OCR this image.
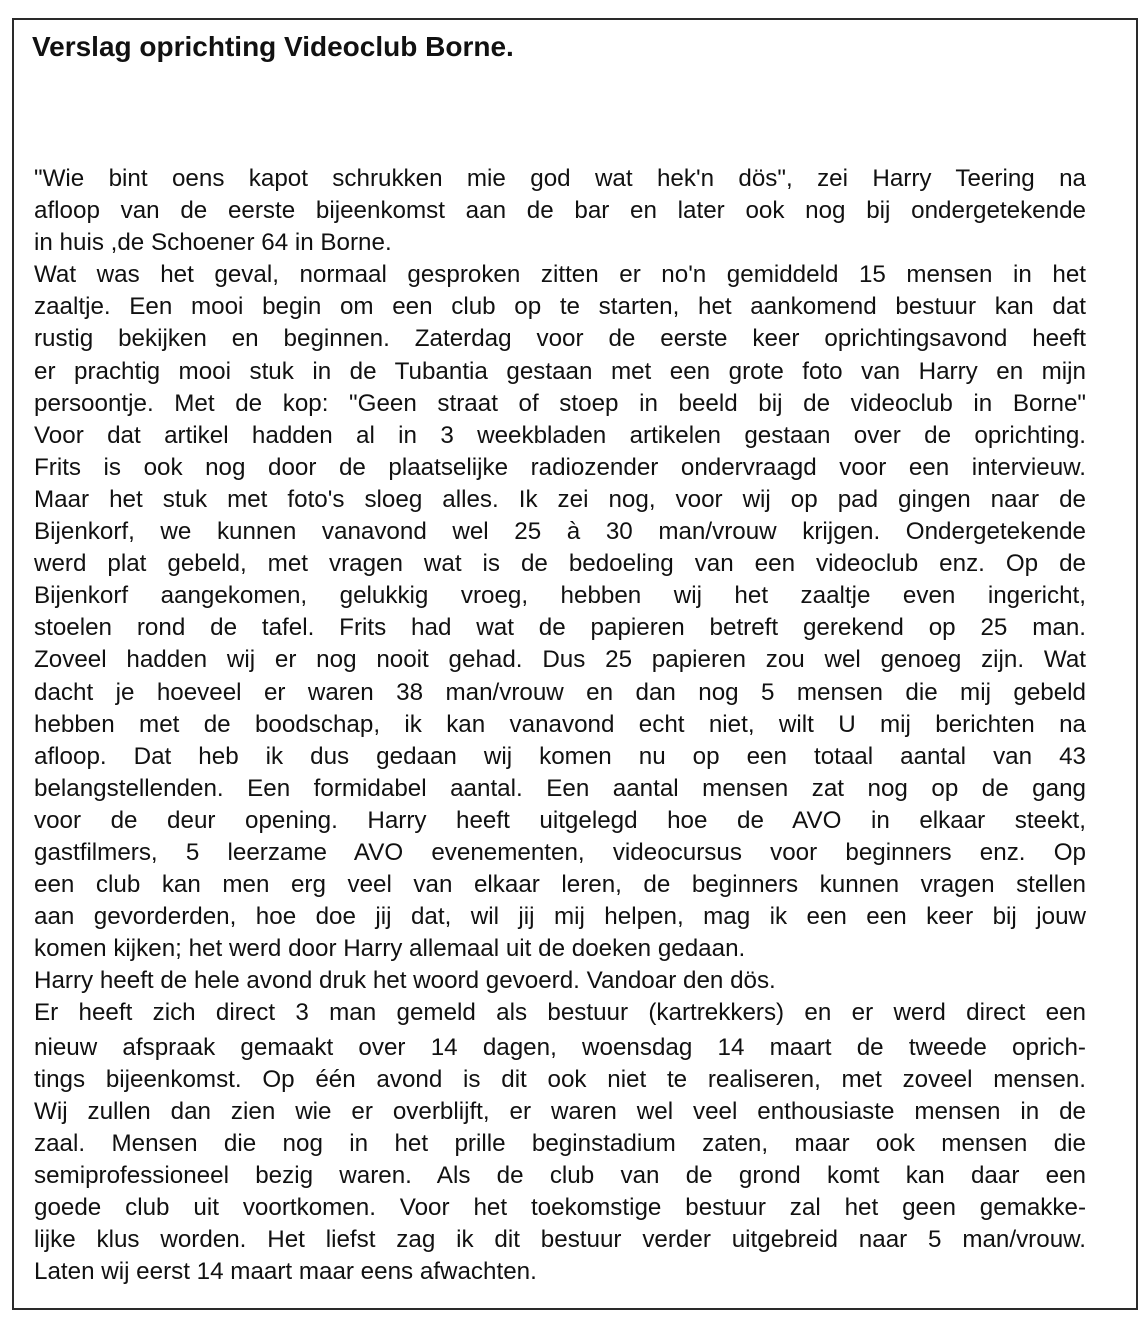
Verslag oprichting Videoclub Borne.
"Wie bint oens kapot schrukken mie god wat hek'n dös", zei Harry Teering na
afloop van de eerste bijeenkomst aan de bar en later ook nog bij ondergetekende
in huis ,de Schoener 64 in Borne.
Wat was het geval, normaal gesproken zitten er no'n gemiddeld 15 mensen in het
zaaltje. Een mooi begin om een club op te starten, het aankomend bestuur kan dat
rustig bekijken en beginnen. Zaterdag voor de eerste keer oprichtingsavond heeft
er prachtig mooi stuk in de Tubantia gestaan met een grote foto van Harry en mijn
persoontje. Met de kop: "Geen straat of stoep in beeld bij de videoclub in Borne"
Voor dat artikel hadden al in 3 weekbladen artikelen gestaan over de oprichting.
Frits is ook nog door de plaatselijke radiozender ondervraagd voor een intervieuw.
Maar het stuk met foto's sloeg alles. Ik zei nog, voor wij op pad gingen naar de
Bijenkorf, we kunnen vanavond wel 25 à 30 man/vrouw krijgen. Ondergetekende
werd plat gebeld, met vragen wat is de bedoeling van een videoclub enz. Op de
Bijenkorf aangekomen, gelukkig vroeg, hebben wij het zaaltje even ingericht,
stoelen rond de tafel. Frits had wat de papieren betreft gerekend op 25 man.
Zoveel hadden wij er nog nooit gehad. Dus 25 papieren zou wel genoeg zijn. Wat
dacht je hoeveel er waren 38 man/vrouw en dan nog 5 mensen die mij gebeld
hebben met de boodschap, ik kan vanavond echt niet, wilt U mij berichten na
afloop. Dat heb ik dus gedaan wij komen nu op een totaal aantal van 43
belangstellenden. Een formidabel aantal. Een aantal mensen zat nog op de gang
voor de deur opening. Harry heeft uitgelegd hoe de AVO in elkaar steekt,
gastfilmers, 5 leerzame AVO evenementen, videocursus voor beginners enz. Op
een club kan men erg veel van elkaar leren, de beginners kunnen vragen stellen
aan gevorderden, hoe doe jij dat, wil jij mij helpen, mag ik een een keer bij jouw
komen kijken; het werd door Harry allemaal uit de doeken gedaan.
Harry heeft de hele avond druk het woord gevoerd. Vandoar den dös.
Er heeft zich direct 3 man gemeld als bestuur (kartrekkers) en er werd direct een
nieuw afspraak gemaakt over 14 dagen, woensdag 14 maart de tweede oprich-
tings bijeenkomst. Op één avond is dit ook niet te realiseren, met zoveel mensen.
Wij zullen dan zien wie er overblijft, er waren wel veel enthousiaste mensen in de
zaal. Mensen die nog in het prille beginstadium zaten, maar ook mensen die
semiprofessioneel bezig waren. Als de club van de grond komt kan daar een
goede club uit voortkomen. Voor het toekomstige bestuur zal het geen gemakke-
lijke klus worden. Het liefst zag ik dit bestuur verder uitgebreid naar 5 man/vrouw.
Laten wij eerst 14 maart maar eens afwachten.
